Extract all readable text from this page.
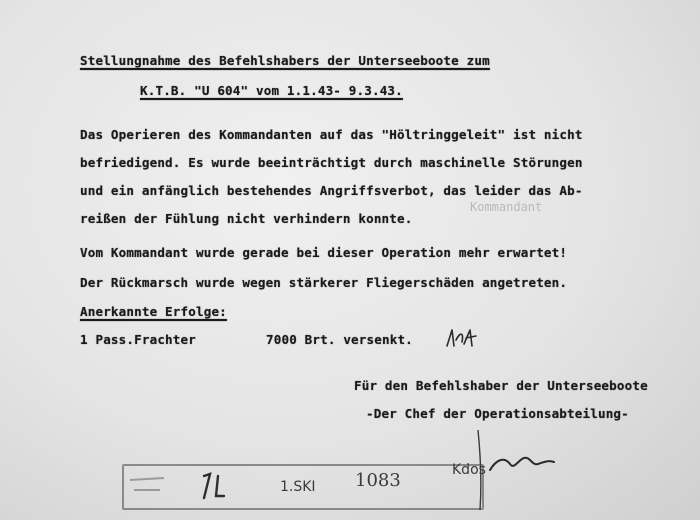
Kommandant
Stellungnahme des Befehlshabers der Unterseeboote zum
K.T.B. "U 604" vom 1.1.43- 9.3.43.
Das Operieren des Kommandanten auf das "Höltringgeleit" ist nicht
befriedigend. Es wurde beeinträchtigt durch maschinelle Störungen
und ein anfänglich bestehendes Angriffsverbot, das leider das Ab-
reißen der Fühlung nicht verhindern konnte.
Vom Kommandant wurde gerade bei dieser Operation mehr erwartet!
Der Rückmarsch wurde wegen stärkerer Fliegerschäden angetreten.
Anerkannte Erfolge:
1 Pass.Frachter	7000 Brt. versenkt.
Für den Befehlshaber der Unterseeboote
-Der Chef der Operationsabteilung-
1.SKI 1083	Kdos
